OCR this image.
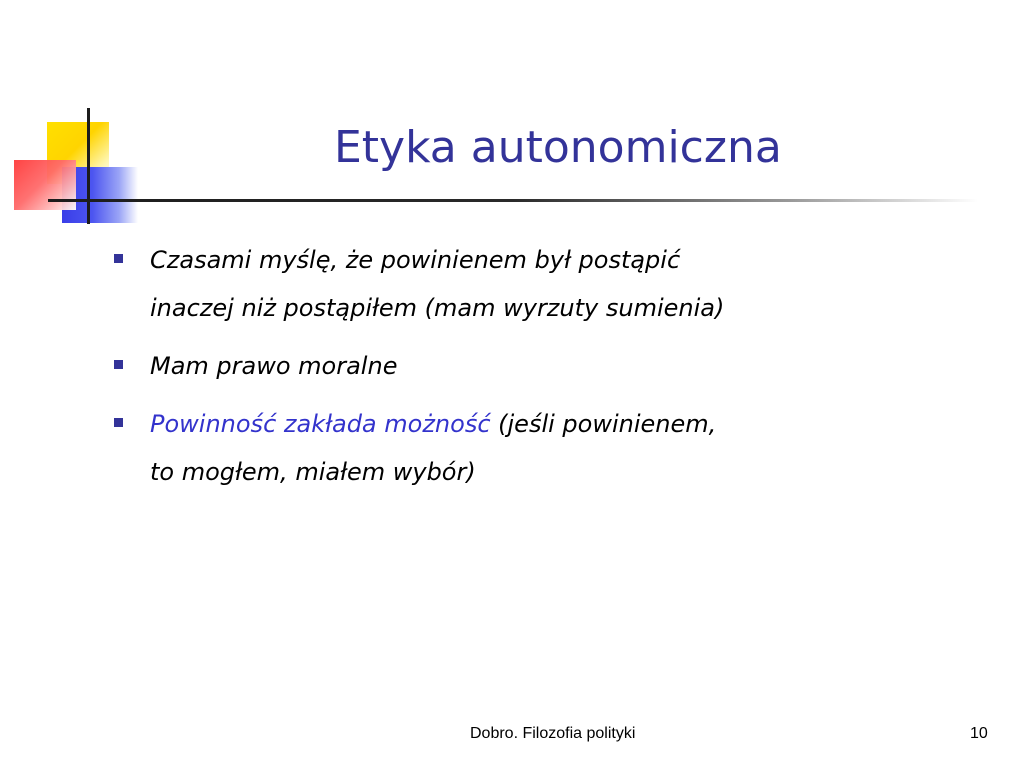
Etyka autonomiczna
Czasami myślę, że powinienem był postąpić
inaczej niż postąpiłem (mam wyrzuty sumienia)
Mam prawo moralne
Powinność zakłada możność (jeśli powinienem,
to mogłem, miałem wybór)
Dobro. Filozofia polityki	10
